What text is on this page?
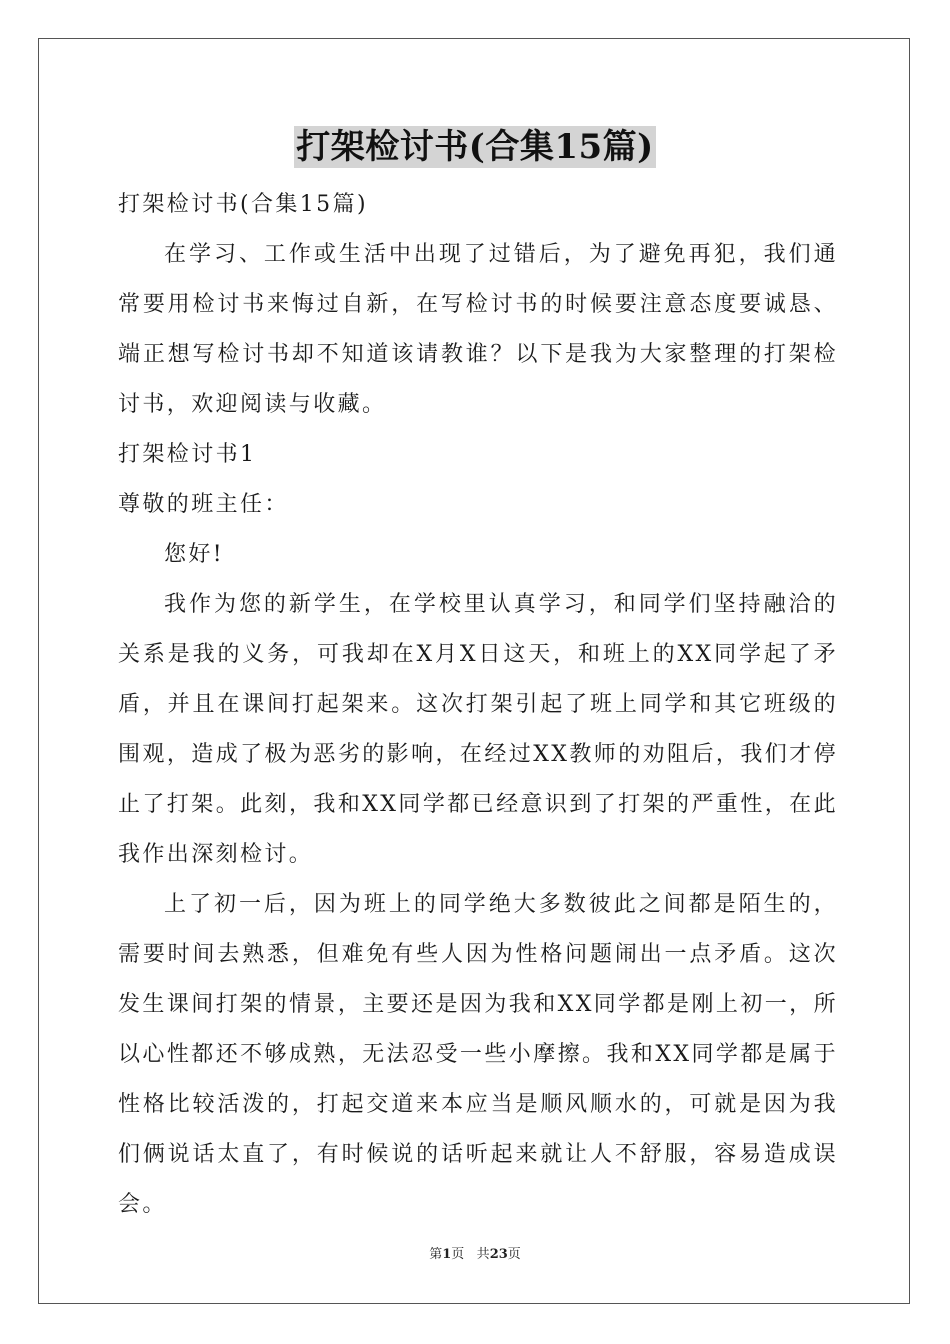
打架检讨书(合集15篇)
打架检讨书(合集15篇)

在学习、工作或生活中出现了过错后，为了避免再犯，我们通常要用检讨书来悔过自新，在写检讨书的时候要注意态度要诚恳、端正想写检讨书却不知道该请教谁？以下是我为大家整理的打架检讨书，欢迎阅读与收藏。

打架检讨书1
尊敬的班主任：

您好!

我作为您的新学生，在学校里认真学习，和同学们坚持融洽的关系是我的义务，可我却在X月X日这天，和班上的XX同学起了矛盾，并且在课间打起架来。这次打架引起了班上同学和其它班级的围观，造成了极为恶劣的影响，在经过XX教师的劝阻后，我们才停止了打架。此刻，我和XX同学都已经意识到了打架的严重性，在此我作出深刻检讨。

上了初一后，因为班上的同学绝大多数彼此之间都是陌生的，需要时间去熟悉，但难免有些人因为性格问题闹出一点矛盾。这次发生课间打架的情景，主要还是因为我和XX同学都是刚上初一，所以心性都还不够成熟，无法忍受一些小摩擦。我和XX同学都是属于性格比较活泼的，打起交道来本应当是顺风顺水的，可就是因为我们俩说话太直了，有时候说的话听起来就让人不舒服，容易造成误会。

第1页 共23页
